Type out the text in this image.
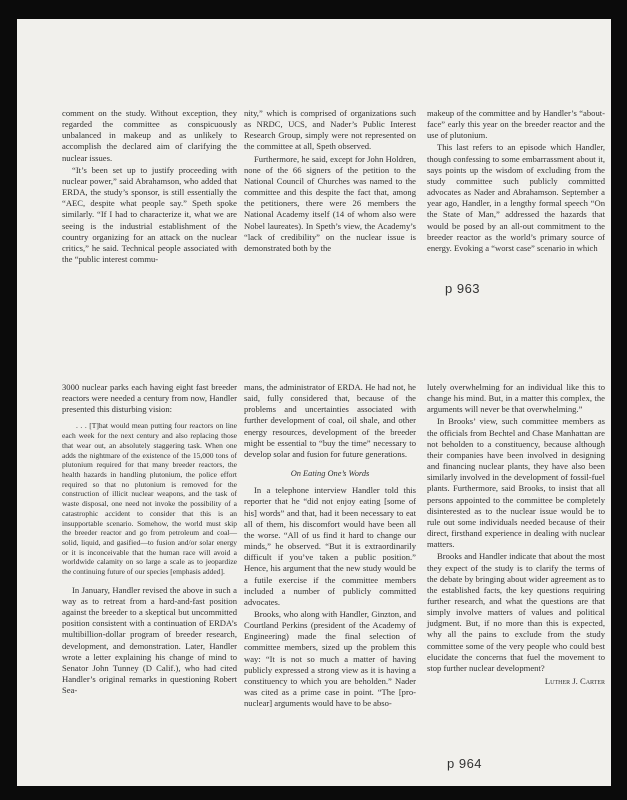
comment on the study. Without exception, they regarded the committee as conspicuously unbalanced in makeup and as unlikely to accomplish the declared aim of clarifying the nuclear issues.

“It’s been set up to justify proceeding with nuclear power,” said Abrahamson, who added that ERDA, the study’s sponsor, is still essentially the “AEC, despite what people say.” Speth spoke similarly. “If I had to characterize it, what we are seeing is the industrial establishment of the country organizing for an attack on the nuclear critics,” he said. Technical people associated with the “public interest commu-

nity,” which is comprised of organizations such as NRDC, UCS, and Nader’s Public Interest Research Group, simply were not represented on the committee at all, Speth observed.

Furthermore, he said, except for John Holdren, none of the 66 signers of the petition to the National Council of Churches was named to the committee and this despite the fact that, among the petitioners, there were 26 members the National Academy itself (14 of whom also were Nobel laureates). In Speth’s view, the Academy’s “lack of credibility” on the nuclear issue is demonstrated both by the

makeup of the committee and by Handler’s “about-face” early this year on the breeder reactor and the use of plutonium.

This last refers to an episode which Handler, though confessing to some embarrassment about it, says points up the wisdom of excluding from the study committee such publicly committed advocates as Nader and Abrahamson. September a year ago, Handler, in a lengthy formal speech “On the State of Man,” addressed the hazards that would be posed by an all-out commitment to the breeder reactor as the world’s primary source of energy. Evoking a “worst case” scenario in which

p 963

3000 nuclear parks each having eight fast breeder reactors were needed a century from now, Handler presented this disturbing vision:

. . . [T]hat would mean putting four reactors on line each week for the next century and also replacing those that wear out, an absolutely staggering task. When one adds the nightmare of the existence of the 15,000 tons of plutonium required for that many breeder reactors, the health hazards in handling plutonium, the police effort required so that no plutonium is removed for the construction of illicit nuclear weapons, and the task of waste disposal, one need not invoke the possibility of a catastrophic accident to consider that this is an insupportable scenario. Somehow, the world must skip the breeder reactor and go from petroleum and coal—solid, liquid, and gasified—to fusion and/or solar energy or it is inconceivable that the human race will avoid a worldwide calamity on so large a scale as to jeopardize the continuing future of our species [emphasis added].

In January, Handler revised the above in such a way as to retreat from a hard-and-fast position against the breeder to a skeptical but uncommitted position consistent with a continuation of ERDA’s multibillion-dollar program of breeder research, development, and demonstration. Later, Handler wrote a letter explaining his change of mind to Senator John Tunney (D Calif.), who had cited Handler’s original remarks in questioning Robert Sea-

mans, the administrator of ERDA. He had not, he said, fully considered that, because of the problems and uncertainties associated with further development of coal, oil shale, and other energy resources, development of the breeder might be essential to “buy the time” necessary to develop solar and fusion for future generations.

On Eating One’s Words

In a telephone interview Handler told this reporter that he “did not enjoy eating [some of his] words” and that, had it been necessary to eat all of them, his discomfort would have been all the worse. “All of us find it hard to change our minds,” he observed. “But it is extraordinarily difficult if you’ve taken a public position.” Hence, his argument that the new study would be a futile exercise if the committee members included a number of publicly committed advocates.

Brooks, who along with Handler, Ginzton, and Courtland Perkins (president of the Academy of Engineering) made the final selection of committee members, sized up the problem this way: “It is not so much a matter of having publicly expressed a strong view as it is having a constituency to which you are beholden.” Nader was cited as a prime case in point. “The [pro-nuclear] arguments would have to be abso-

lutely overwhelming for an individual like this to change his mind. But, in a matter this complex, the arguments will never be that overwhelming.”

In Brooks’ view, such committee members as the officials from Bechtel and Chase Manhattan are not beholden to a constituency, because although their companies have been involved in designing and financing nuclear plants, they have also been similarly involved in the development of fossil-fuel plants. Furthermore, said Brooks, to insist that all persons appointed to the committee be completely disinterested as to the nuclear issue would be to rule out some individuals needed because of their direct, firsthand experience in dealing with nuclear matters.

Brooks and Handler indicate that about the most they expect of the study is to clarify the terms of the debate by bringing about wider agreement as to the established facts, the key questions requiring further research, and what the questions are that simply involve matters of values and political judgment. But, if no more than this is expected, why all the pains to exclude from the study committee some of the very people who could best elucidate the concerns that fuel the movement to stop further nuclear development?

Luther J. Carter

p 964
